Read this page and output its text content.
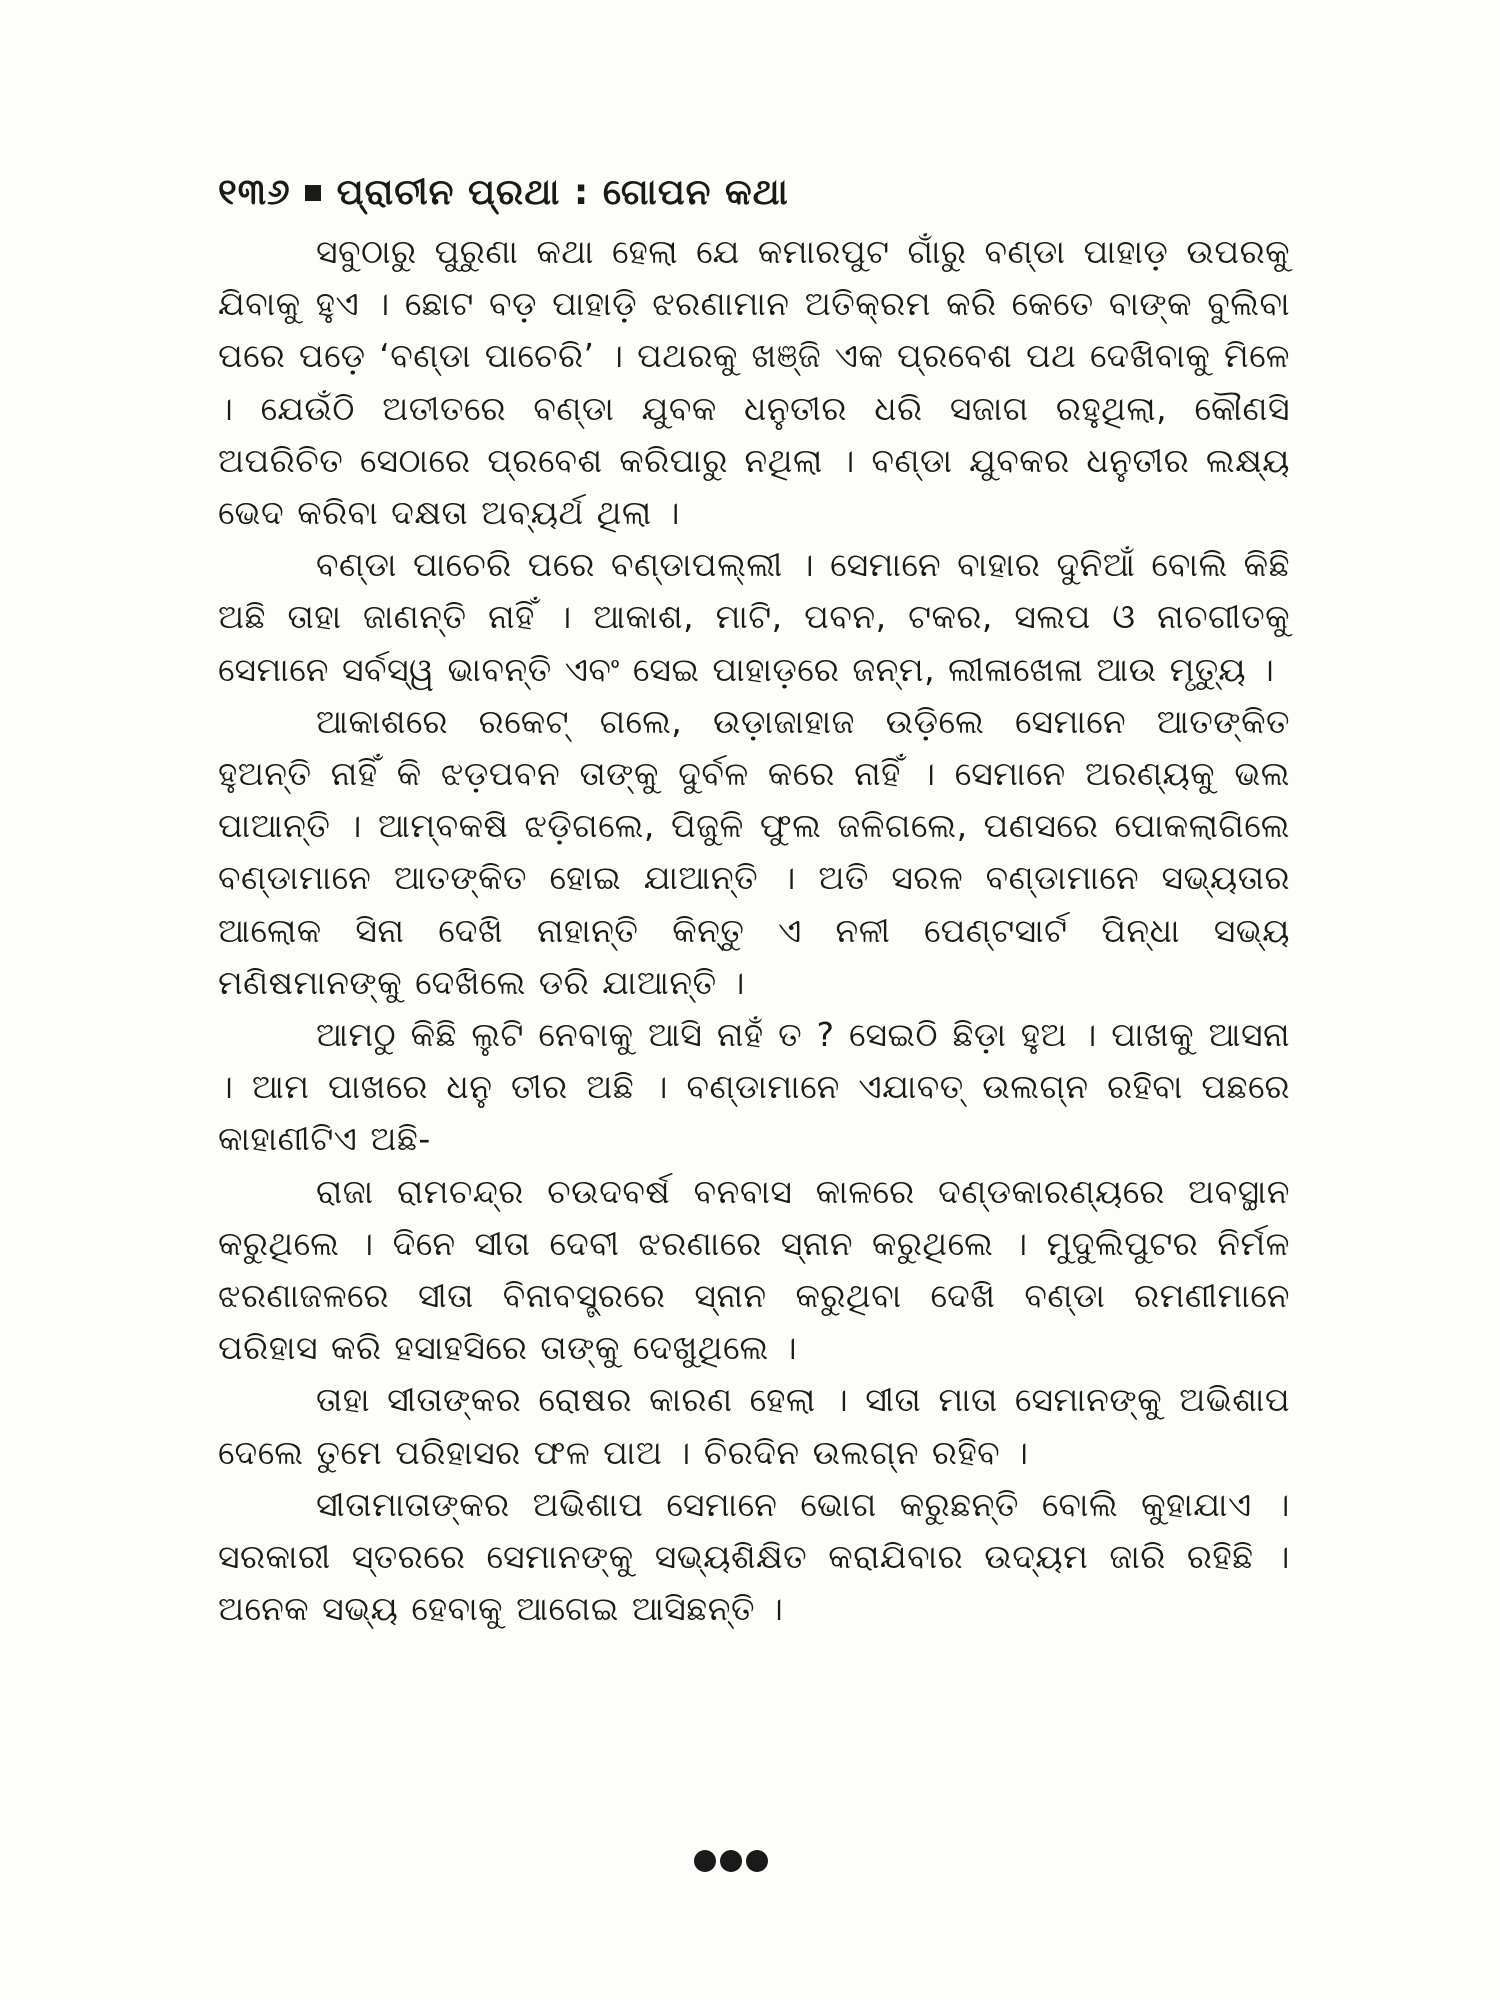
୧୩୬ ପ୍ରାଚୀନ ପ୍ରଥା : ଗୋପନ କଥା

ସବୁଠାରୁ ପୁରୁଣା କଥା ହେଲା ଯେ କମାରପୁଟ ଗାଁରୁ ବଣ୍ଡା ପାହାଡ଼ ଉପରକୁ ଯିବାକୁ ହୁଏ । ଛୋଟ ବଡ଼ ପାହାଡ଼ି ଝରଣାମାନ ଅତିକ୍ରମ କରି କେତେ ବାଙ୍କ ବୁଲିବା ପରେ ପଡ଼େ ‘ବଣ୍ଡା ପାଚେରି’ । ପଥରକୁ ଖଞ୍ଜି ଏକ ପ୍ରବେଶ ପଥ ଦେଖିବାକୁ ମିଳେ । ଯେଉଁଠି ଅତୀତରେ ବଣ୍ଡା ଯୁବକ ଧନୁତୀର ଧରି ସଜାଗ ରହୁଥିଲା, କୌଣସି ଅପରିଚିତ ସେଠାରେ ପ୍ରବେଶ କରିପାରୁ ନଥିଲା । ବଣ୍ଡା ଯୁବକର ଧନୁତୀର ଲକ୍ଷ୍ୟ ଭେଦ କରିବା ଦକ୍ଷତା ଅବ୍ୟର୍ଥ ଥିଲା ।

ବଣ୍ଡା ପାଚେରି ପରେ ବଣ୍ଡାପଲ୍ଲୀ । ସେମାନେ ବାହାର ଦୁନିଆଁ ବୋଲି କିଛି ଅଛି ତାହା ଜାଣନ୍ତି ନାହିଁ । ଆକାଶ, ମାଟି, ପବନ, ଟକର, ସଲପ ଓ ନାଚଗୀତକୁ ସେମାନେ ସର୍ବସ୍ୱ ଭାବନ୍ତି ଏବଂ ସେଇ ପାହାଡ଼ରେ ଜନ୍ମ, ଲୀଳାଖେଳା ଆଉ ମୃତ୍ୟୁ ।

ଆକାଶରେ ରକେଟ୍ ଗଲେ, ଉଡ଼ାଜାହାଜ ଉଡ଼ିଲେ ସେମାନେ ଆତଙ୍କିତ ହୁଅନ୍ତି ନାହିଁ କି ଝଡ଼ପବନ ତାଙ୍କୁ ଦୁର୍ବଳ କରେ ନାହିଁ । ସେମାନେ ଅରଣ୍ୟକୁ ଭଲ ପାଆନ୍ତି । ଆମ୍ବକଷି ଝଡ଼ିଗଲେ, ପିଜୁଳି ଫୁଲ ଜଳିଗଲେ, ପଣସରେ ପୋକଲାଗିଲେ ବଣ୍ଡାମାନେ ଆତଙ୍କିତ ହୋଇ ଯାଆନ୍ତି । ଅତି ସରଳ ବଣ୍ଡାମାନେ ସଭ୍ୟତାର ଆଲୋକ ସିନା ଦେଖି ନାହାନ୍ତି କିନ୍ତୁ ଏ ନଳୀ ପେଣ୍ଟସାର୍ଟ ପିନ୍ଧା ସଭ୍ୟ ମଣିଷମାନଙ୍କୁ ଦେଖିଲେ ଡରି ଯାଆନ୍ତି ।

ଆମଠୁ କିଛି ଲୁଟି ନେବାକୁ ଆସି ନାହଁ ତ ? ସେଇଠି ଛିଡ଼ା ହୁଅ । ପାଖକୁ ଆସନା । ଆମ ପାଖରେ ଧନୁ ତୀର ଅଛି । ବଣ୍ଡାମାନେ ଏଯାବତ୍ ଉଲଗ୍ନ ରହିବା ପଛରେ କାହାଣୀଟିଏ ଅଛି-

ରାଜା ରାମଚନ୍ଦ୍ର ଚଉଦବର୍ଷ ବନବାସ କାଳରେ ଦଣ୍ଡକାରଣ୍ୟରେ ଅବସ୍ଥାନ କରୁଥିଲେ । ଦିନେ ସୀତା ଦେବୀ ଝରଣାରେ ସ୍ନାନ କରୁଥିଲେ । ମୁଦୁଲିପୁଟର ନିର୍ମଳ ଝରଣାଜଳରେ ସୀତା ବିନାବସ୍ତ୍ରରେ ସ୍ନାନ କରୁଥିବା ଦେଖି ବଣ୍ଡା ରମଣୀମାନେ ପରିହାସ କରି ହସାହସିରେ ତାଙ୍କୁ ଦେଖୁଥିଲେ ।

ତାହା ସୀତାଙ୍କର ରୋଷର କାରଣ ହେଲା । ସୀତା ମାତା ସେମାନଙ୍କୁ ଅଭିଶାପ ଦେଲେ ତୁମେ ପରିହାସର ଫଳ ପାଅ । ଚିରଦିନ ଉଲଗ୍ନ ରହିବ ।

ସୀତାମାତାଙ୍କର ଅଭିଶାପ ସେମାନେ ଭୋଗ କରୁଛନ୍ତି ବୋଲି କୁହାଯାଏ । ସରକାରୀ ସ୍ତରରେ ସେମାନଙ୍କୁ ସଭ୍ୟଶିକ୍ଷିତ କରାଯିବାର ଉଦ୍ୟମ ଜାରି ରହିଛି । ଅନେକ ସଭ୍ୟ ହେବାକୁ ଆଗେଇ ଆସିଛନ୍ତି ।
